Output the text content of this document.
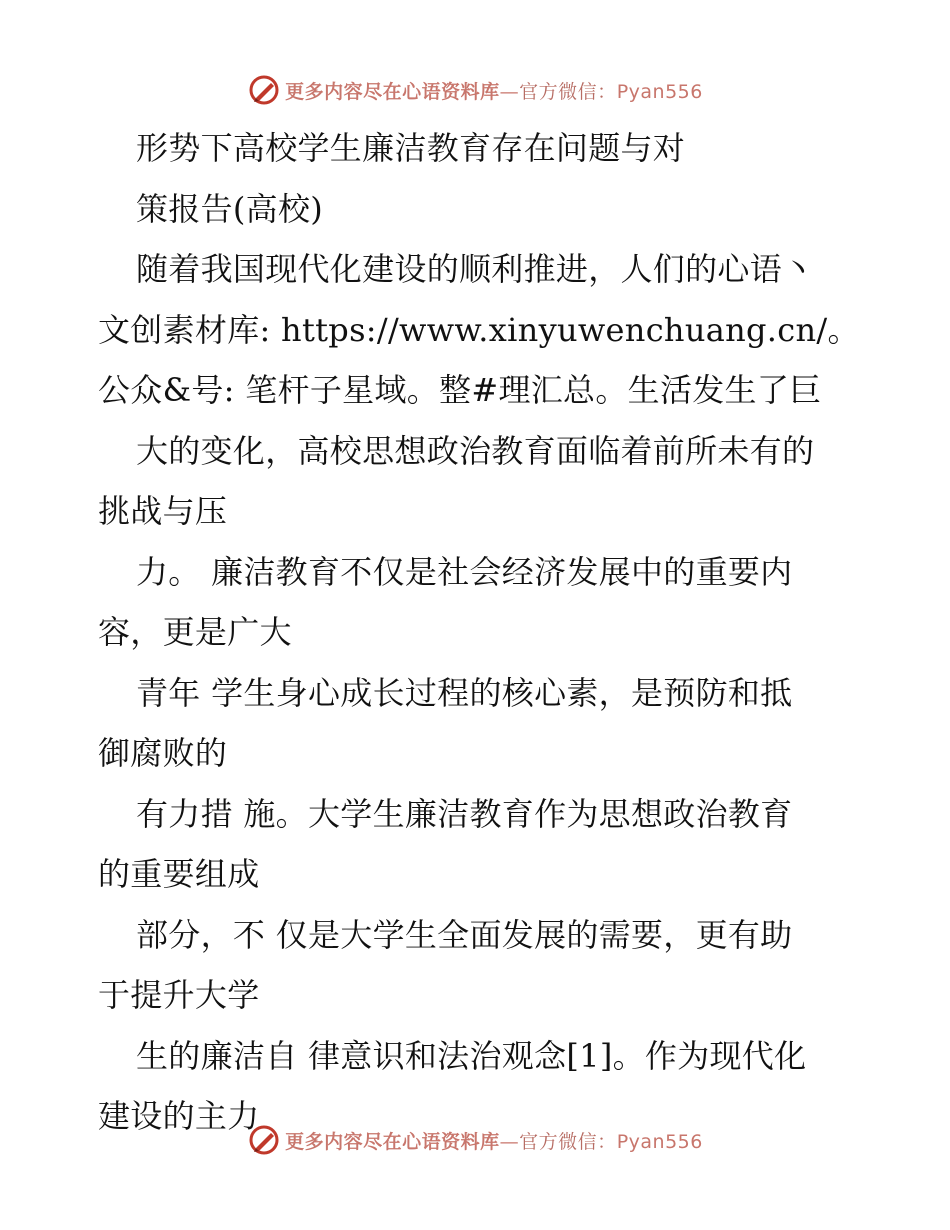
更多内容尽在心语资料库—官方微信：Pyan556
形势下高校学生廉洁教育存在问题与对
策报告(高校)
随着我国现代化建设的顺利推进，人们的心语丶
文创素材库: https://www.xinyuwenchuang.cn/。
公众&号: 笔杆子星域。整#理汇总。生活发生了巨
大的变化，高校思想政治教育面临着前所未有的
挑战与压
力。 廉洁教育不仅是社会经济发展中的重要内
容，更是广大
青年 学生身心成长过程的核心素，是预防和抵
御腐败的
有力措 施。大学生廉洁教育作为思想政治教育
的重要组成
部分，不 仅是大学生全面发展的需要，更有助
于提升大学
生的廉洁自 律意识和法治观念[1]。作为现代化
建设的主力
更多内容尽在心语资料库—官方微信：Pyan556
